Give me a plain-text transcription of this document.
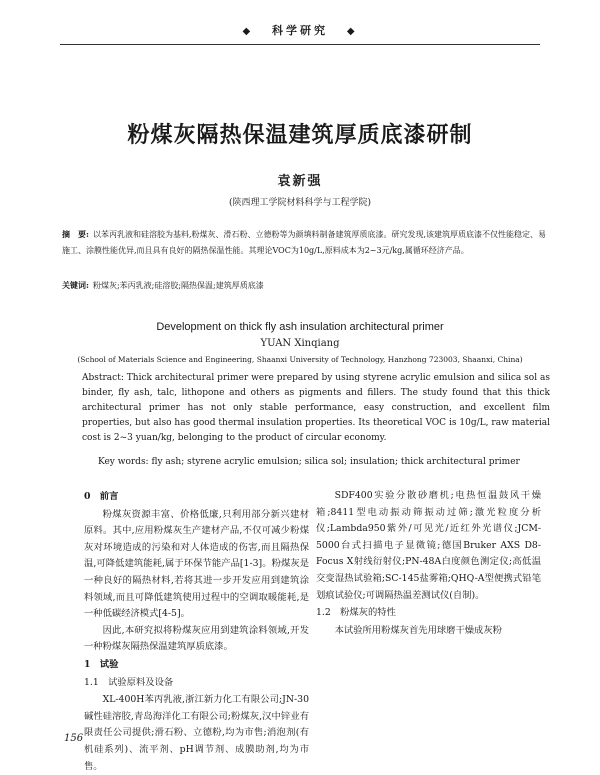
◆ 科学研究 ◆
粉煤灰隔热保温建筑厚质底漆研制
袁新强
(陕西理工学院材料科学与工程学院)
摘　要: 以苯丙乳液和硅溶胶为基料,粉煤灰、滑石粉、立德粉等为颜填料制备建筑厚质底漆。研究发现,该建筑厚质底漆不仅性能稳定、易施工、涂膜性能优异,而且具有良好的隔热保温性能。其理论VOC为10g/L,原料成本为2~3元/kg,属循环经济产品。
关键词: 粉煤灰;苯丙乳液;硅溶胶;隔热保温;建筑厚质底漆
Development on thick fly ash insulation architectural primer
YUAN Xinqiang
(School of Materials Science and Engineering, Shaanxi University of Technology, Hanzhong 723003, Shaanxi, China)
Abstract: Thick architectural primer were prepared by using styrene acrylic emulsion and silica sol as binder, fly ash, talc, lithopone and others as pigments and fillers. The study found that this thick architectural primer has not only stable performance, easy construction, and excellent film properties, but also has good thermal insulation properties. Its theoretical VOC is 10g/L, raw material cost is 2~3 yuan/kg, belonging to the product of circular economy.
Key words: fly ash; styrene acrylic emulsion; silica sol; insulation; thick architectural primer

0　前言

粉煤灰资源丰富、价格低廉,只利用部分新兴建材原料。其中,应用粉煤灰生产建材产品,不仅可减少粉煤灰对环境造成的污染和对人体造成的伤害,而且隔热保温,可降低建筑能耗,属于环保节能产品[1-3]。粉煤灰是一种良好的隔热材料,若将其进一步开发应用到建筑涂料领域,而且可降低建筑使用过程中的空调取暖能耗,是一种低碳经济模式[4-5]。

因此,本研究拟将粉煤灰应用到建筑涂料领域,开发一种粉煤灰隔热保温建筑厚质底漆。

1　试验

1.1　试验原料及设备

XL-400H苯丙乳液,浙江新力化工有限公司;JN-30碱性硅溶胶,青岛海洋化工有限公司;粉煤灰,汉中锌业有限责任公司提供;滑石粉、立德粉,均为市售;消泡剂(有机硅系列)、流平剂、pH调节剂、成膜助剂,均为市售。

SDF400实验分散砂磨机;电热恒温鼓风干燥箱;8411型电动振动筛振动过筛;激光粒度分析仪;Lambda950紫外/可见光/近红外光谱仪;JCM-5000台式扫描电子显微镜;德国Bruker AXS D8-Focus X射线衍射仪;PN-48A白度颜色测定仪;高低温交变湿热试验箱;SC-145盐雾箱;QHQ-A型便携式铅笔划痕试验仪;可调隔热温差测试仪(自制)。

1.2　粉煤灰的特性

本试验所用粉煤灰首先用球磨干燥成灰粉

156
